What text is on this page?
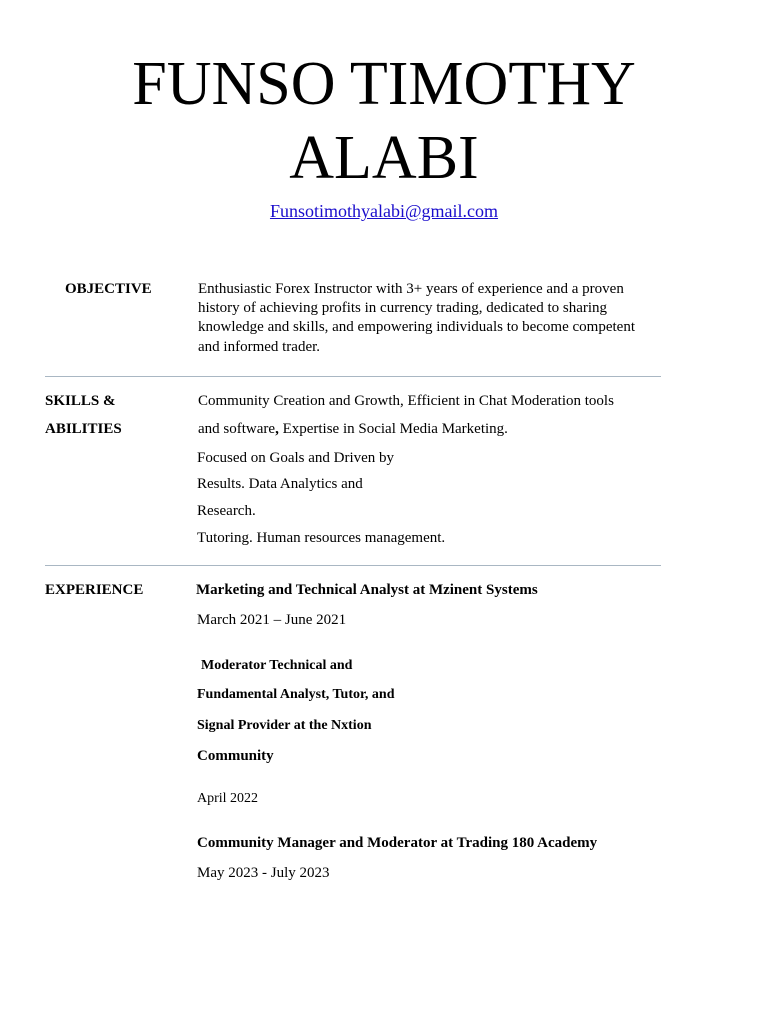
FUNSO TIMOTHY
ALABI
Funsotimothyalabi@gmail.com
OBJECTIVE	Enthusiastic Forex Instructor with 3+ years of experience and a proven
history of achieving profits in currency trading, dedicated to sharing
knowledge and skills, and empowering individuals to become competent
and informed trader.
SKILLS &
ABILITIES
Community Creation and Growth, Efficient in Chat Moderation tools
and software, Expertise in Social Media Marketing.
Focused on Goals and Driven by
Results. Data Analytics and
Research.
Tutoring. Human resources management.
EXPERIENCE	Marketing and Technical Analyst at Mzinent Systems
March 2021 – June 2021
Moderator Technical and
Fundamental Analyst, Tutor, and
Signal Provider at the Nxtion
Community
April 2022
Community Manager and Moderator at Trading 180 Academy
May 2023 - July 2023
